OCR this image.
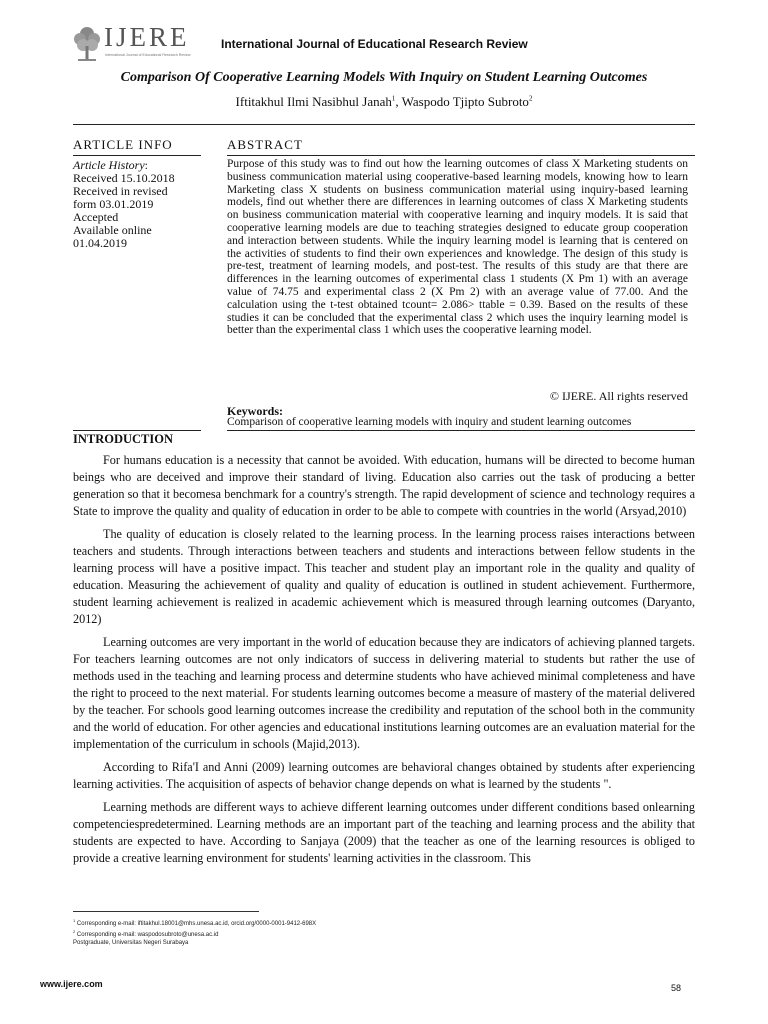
IJERE
International Journal of Educational Research Review
International Journal of Educational Research Review
Comparison Of Cooperative Learning Models With Inquiry on Student Learning Outcomes
Iftitakhul Ilmi Nasibhul Janah$^1$, Waspodo Tjipto Subroto$^2$
ARTICLE INFO	ABSTRACT
Article History:
Received 15.10.2018
Received in revised
form 03.01.2019
Accepted
Available online
01.04.2019

Purpose of this study was to find out how the learning outcomes of class X Marketing students on business communication material using cooperative-based learning models, knowing how to learn Marketing class X students on business communication material using inquiry-based learning models, find out whether there are differences in learning outcomes of class X Marketing students on business communication material with cooperative learning and inquiry models. It is said that cooperative learning models are due to teaching strategies designed to educate group cooperation and interaction between students. While the inquiry learning model is learning that is centered on the activities of students to find their own experiences and knowledge. The design of this study is pre-test, treatment of learning models, and post-test. The results of this study are that there are differences in the learning outcomes of experimental class 1 students (X Pm 1) with an average value of 74.75 and experimental class 2 (X Pm 2) with an average value of 77.00. And the calculation using the t-test obtained tcount= 2.086> ttable = 0.39. Based on the results of these studies it can be concluded that the experimental class 2 which uses the inquiry learning model is better than the experimental class 1 which uses the cooperative learning model.

© IJERE. All rights reserved
Keywords:
Comparison of cooperative learning models with inquiry and student learning outcomes
INTRODUCTION

For humans education is a necessity that cannot be avoided. With education, humans will be directed to become human beings who are deceived and improve their standard of living. Education also carries out the task of producing a better generation so that it becomesa benchmark for a country's strength. The rapid development of science and technology requires a State to improve the quality and quality of education in order to be able to compete with countries in the world (Arsyad,2010)

The quality of education is closely related to the learning process. In the learning process raises interactions between teachers and students. Through interactions between teachers and students and interactions between fellow students in the learning process will have a positive impact. This teacher and student play an important role in the quality and quality of education. Measuring the achievement of quality and quality of education is outlined in student achievement. Furthermore, student learning achievement is realized in academic achievement which is measured through learning outcomes (Daryanto, 2012)

Learning outcomes are very important in the world of education because they are indicators of achieving planned targets. For teachers learning outcomes are not only indicators of success in delivering material to students but rather the use of methods used in the teaching and learning process and determine students who have achieved minimal completeness and have the right to proceed to the next material. For students learning outcomes become a measure of mastery of the material delivered by the teacher. For schools good learning outcomes increase the credibility and reputation of the school both in the community and the world of education. For other agencies and educational institutions learning outcomes are an evaluation material for the implementation of the curriculum in schools (Majid,2013).

According to Rifa'I and Anni (2009) learning outcomes are behavioral changes obtained by students after experiencing learning activities. The acquisition of aspects of behavior change depends on what is learned by the students ".

Learning methods are different ways to achieve different learning outcomes under different conditions based onlearning competenciespredetermined. Learning methods are an important part of the teaching and learning process and the ability that students are expected to have. According to Sanjaya (2009) that the teacher as one of the learning resources is obliged to provide a creative learning environment for students' learning activities in the classroom. This

$^1$ Corresponding e-mail: iftitakhul.18001@mhs.unesa.ac.id, orcid.org/0000-0001-9412-698X
$^2$ Corresponding e-mail: waspodosubroto@unesa.ac.id
Postgraduate, Universitas Negeri Surabaya
www.ijere.com	58
